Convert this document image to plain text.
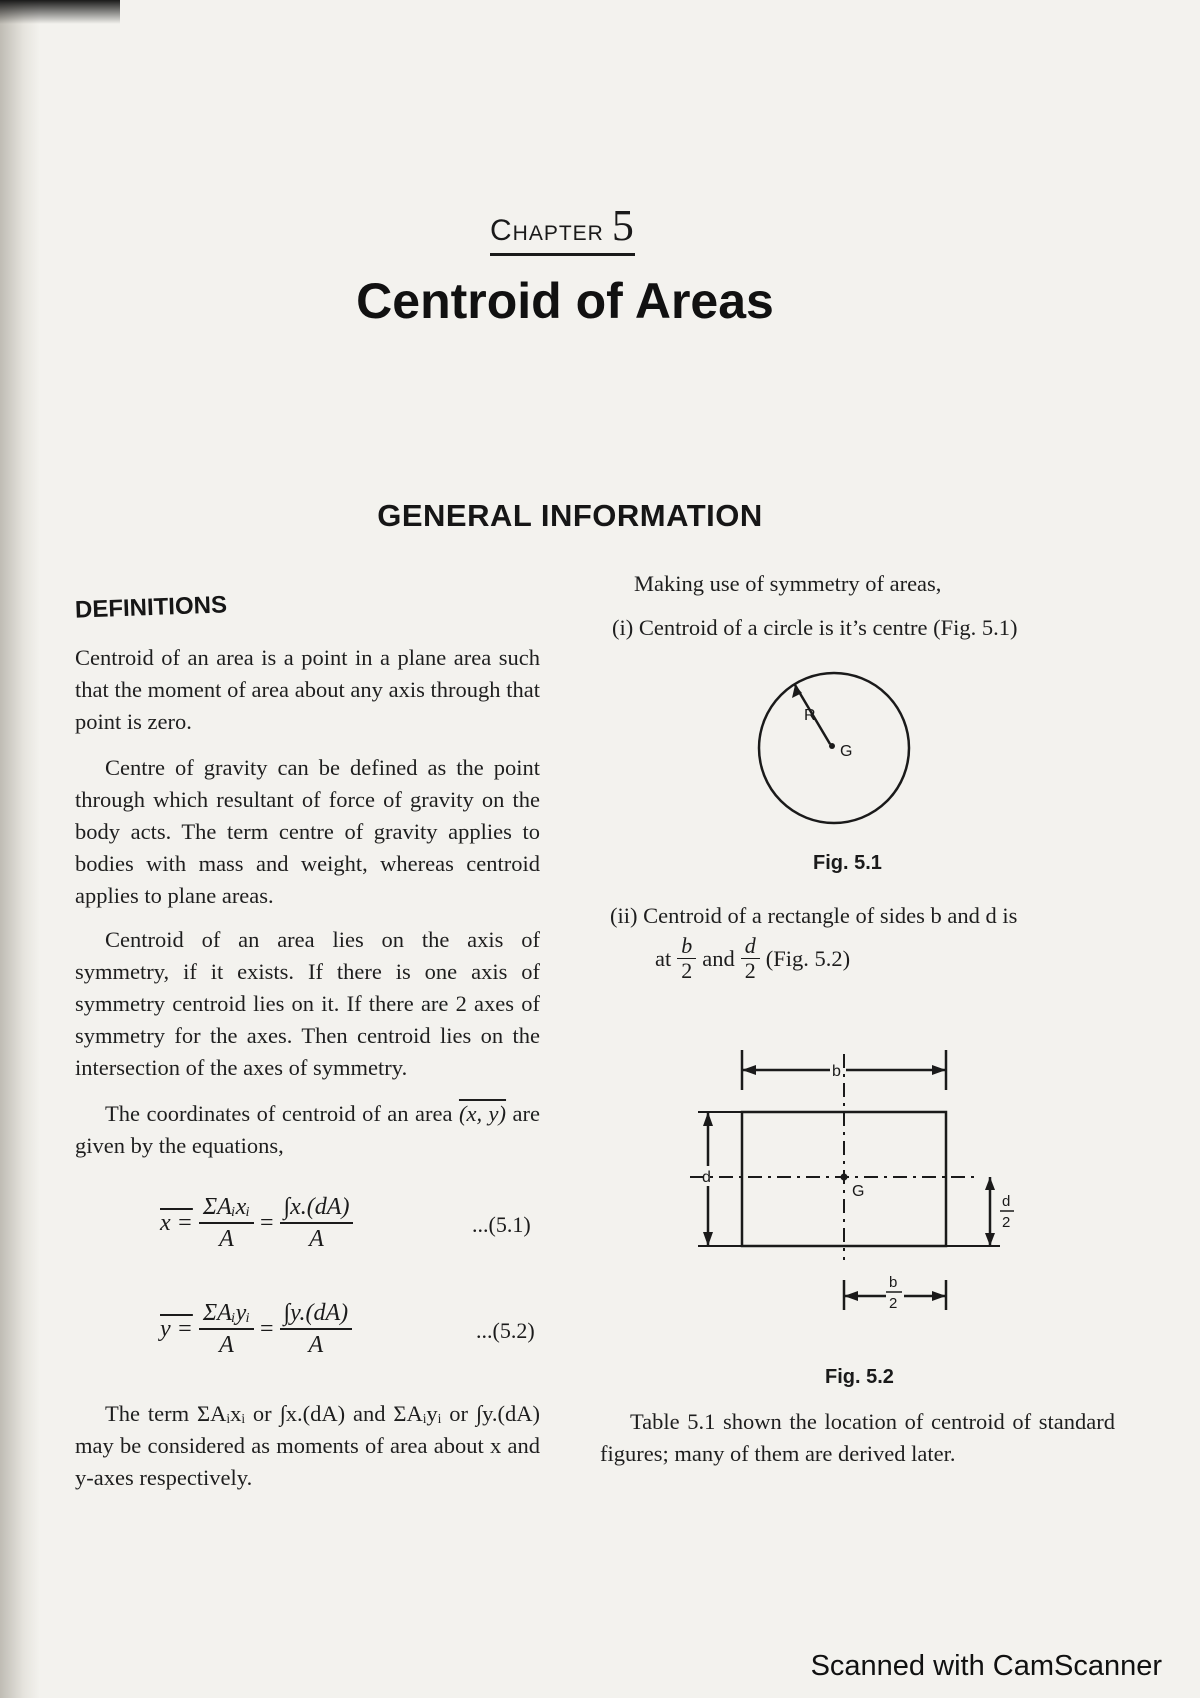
Chapter 5
Centroid of Areas
GENERAL INFORMATION
DEFINITIONS
Centroid of an area is a point in a plane area such that the moment of area about any axis through that point is zero.
Centre of gravity can be defined as the point through which resultant of force of gravity on the body acts. The term centre of gravity applies to bodies with mass and weight, whereas centroid applies to plane areas.
Centroid of an area lies on the axis of symmetry, if it exists. If there is one axis of symmetry centroid lies on it. If there are 2 axes of symmetry for the axes. Then centroid lies on the intersection of the axes of symmetry.
The coordinates of centroid of an area (x, y) are given by the equations,
$x = \frac{\text{ΣAᵢxᵢ}}{A} = \frac{\int x.(dA)}{A}$	...(5.1)
$y = \frac{\text{ΣAᵢyᵢ}}{A} = \frac{\int y.(dA)}{A}$	...(5.2)
The term ΣAᵢxᵢ or ∫x.(dA) and ΣAᵢyᵢ or ∫y.(dA) may be considered as moments of area about x and y-axes respectively.
Making use of symmetry of areas,
(i) Centroid of a circle is it’s centre (Fig. 5.1)
R
G
Fig. 5.1
(ii) Centroid of a rectangle of sides b and d is
at $\frac{b}{2}$ and $\frac{d}{2} (Fig$. 5.2)
b
d
G
d
2
b
2
Fig. 5.2
Table 5.1 shown the location of centroid of standard figures; many of them are derived later.
Scanned with CamScanner
